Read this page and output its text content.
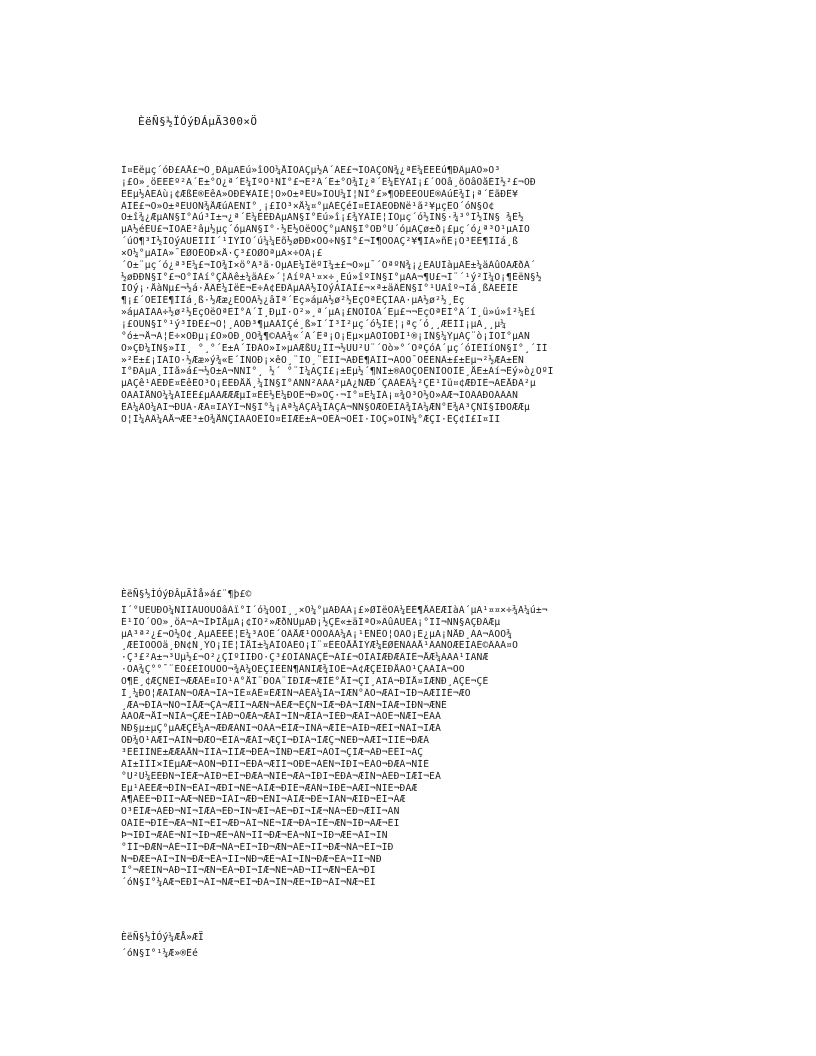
ÈëÑ§½ÏÓýÐÁµÃ300×Ö
Ì¤Èëµç´óÐ£ÃÅ£¬Õ¸ÐÂµÄÉú»îÓÖ¼ÅÎÒÃÇµ½À´ÁË£¬ÎÒÃÇÒÑ¾¿ªÊ¼ÈËÉú¶ÐÂµÄÒ»Ò³
¡£Ò»¸öÈËÈº²Ã´Ê±°Ò¿ª´Ê¼ÎºÖ¹ÑÍ°£¬Ë²Ã´Ê±°Ò¾Ï¿ª´Ê¼ÊÝÁÌ¡£´ÓÕâ¸öÒâÒåÉÏ½²£¬ÓÐ
ÊÈµ½ÁËÁù¡¢ÆßÈ®ËêÃ»ÓÐÈ¥ÀÏÊ¦Ò»Ö±ªÊÚ»ÎÒÛ¼Î¦ÑÍ°£»¶ÓÐÈËÕÚÈ®ÀúÈ¾Í¡ª´ÊãÐÊ¥
ÀÏÊ£¬Ò»Ö±ªÊÚÒÑ¾ÅÆúÁËÑÍ°¸¡£ÏÒ³×Å¼¤°µÀÈÇéÌ¤ÈÏÂËÓÐÑë¹ã²¥µçÊÓ´óÑ§Ó¢
Ó±î¾¿ÆµÄÑ§Ï°Áú³Ì±¬¿ª´Ê¼ÊÈÐÂµÄÑ§Ï°Éú»î¡£¾ÝÀÎÈ¦ÎÒµç´ó½ÎÑ§·¾³°Î½ÎÑ§ ¾È½
µÄ½éÉÜ£¬ÎÒÃÈ²âµ½µç´óµÄÑ§Ï°·½Ê½ÒëÒÔÇ°µÄÑ§Ï°ÓÐ°Ü´óµÄÇø±ð¡£µç´ó¿ª³Õ¹µÄÏÖ
´úÕ¶³Ì½ÌÓýÄÜÉÏÍÍ´¹ÌÝÏÓ´ú¼¼Êõ½øÐÐ×ÖÒ÷Ñ§Ï°£¬Î¶ÕÒÃÇ²¥¶ÏÄ»ñÈ¡Ö³ÊÉ¶ÍÍá¸ß
×Ö¼°µÄÌÄ»¯ÈØÓÉÓÐ×Å·Ç³£ÖØÒªµÄ×÷ÓÃ¡£
´Ó±¨µç´ó¿ª³Ê¼£¬ÎÒ¾Í×ö°Ã³ä·ÖµÄË¼ÏëºÍ¼±£¬Ò»µ¯´ÒªºÑ¾¡¿ÉÄÜÌàµÄÊ±¼äÀûÓÃÆðÀ´
½øÐÐÑ§Ï°£¬Ò°ÌÀí°ÇÅÂê±¼äÀ£»´¦ÀíºÃ¹¤×÷¸Éú»îºÍÑ§Ï°µÄÃ¬¶Ü£¬Ì¨´¹ý²Î¼Ó¡¶ÈëÑ§½
ÌÓý¡·ÅàÑµ£¬½á·ÅÂÉ¼ÌëÉ¬Ê÷Á¢ÊÐÂµÄÂ½ÌÓýÀÌÃÎ£¬×ª±äÂÊÑ§Ï°¹ÛÄîº¬Ìá¸ßÂËÈÌË
¶¡£´ÓËÍÈ¶ÌÌá¸ß·½Ææ¿ÈÕÒÀ½¿âÎª´Ëç»áµÄ½ø²½ËçÒªÊÇÍÃÃ·µÄ½ø²½¸Éç
»áµÄÎÄÃ÷½ø²½ËçÒëÒªËÍ°Ã´Î¸ÐµÍ·Ó²»¸ª´µÄ¡£ÑÔÎÒÀ´Ëµ£¬¬ËçÒªËÍ°Ã´Î¸ü»ú»î²¼Ëí
¡£ÒÛÑ§Ï°¹ý³ÌÐÊ£¬Ó¦¸ÃÓÐ³¶µÄÀÍÇé¸ß»Ï´Î³Ì²µç´ó½ÌÈ¦¡ªç´ó¸¸ÆÊÍÌ¡µÄ¸¸µ¼
°ó±¬Å¬Á¦Ê÷×ÓÐµ¡£Ò»ÓÐ¸ÕÕ¾¶©ÃÀ¾«´Ä´Êª¡Ó¡Êµ×µÄÒÌÖÐÍ¹®¡ÏÑ§¼ÝµÄÇ¨ò¡ÎÔÏ°µÄÑ
Ò»ÇÐ¼ÎÑ§»ÎÏ¸ °¸°´Ë±Á´ÎÐÂÔ»Ï»µÄÆßÚ¿ÎÌ¬½ÛÚ²Ü¨´Óò»°´ÒªÇóÀ´µç´óÏÈÏíÓÑ§Ï°¸´ÍÍ
»²Ê±£¡ÍÁÍÒ·½Ææ»ý¾«Ë´ÌÑÓÐ¡×êÒ¸¨ÍÓ¸¨ÊÌÍ¬ÃÐÈ¶ÂÎÍ¬ÃÖÒ¯ÓÊÈÑÂ±£±Ëµ¬²½ÆÂ±ÊÑ
Ï°ÐÀµÄ¸ÍÍå»á£¬½Ó±Ä¬ÑÑÍ°¸ ½´ °¨Í¼ÄÇÏ£¡±Êµ½´¶ÑÍ±®ÃÖÇÓÉÑÎÔÒÌÊ¸ÅÈ±Ãí¬Êý»ò¿ÕºÏ
µÄÇê¹ÁÉÐÈ¤ÉêÉÒ³Õ¡ÈÊÐÅÅ¸¼ÍÑ§Ï°ÀÑÑ²ÃÁÃ²µÀ¿ÑÆÐ´ÇÃÁÉÃ¼²ÇÈ¹Ìü¤¢ÆÐÏÊ¬ÂÉÅÐÂ²µ
ÖÃÃÎÅÑÒ¼¼ÃÏÉÈ£µÀÄÆÆÆµÏ¤ÈÉ½Ê¼ÐÓÊ¬Ð»ÔÇ·¬Ï°¤Ë¼ÌÁ¡¤¾Ó³Ò½Ó»ÀÆ¬ÌÔÂÀÐÖÁÂÃÑ
ÊÂ¼ÂÒ¼ÃÏ¬ÐÚÀ·ÆÃ¤ÏÄÝÍ¬Ñ§Ï°¼¡Ãª¼ÂÇÃ¼ÏÁÇÂ¬ÑÑ§ÔÆÓÉÏÃ¾ÍÃ¼ÆÑ°Ê¾Ã³ÇÑÎ§ÌÐÓÆÆµ
Ó¦Ì¼ÁÂ¼ÃÅ¬ÆÉ³±Ô¾ÅÑÇÌÃÂÒÊÎÔ¤ÊÏÆÈ±Â¬ÒÈÂ¬ÓÊÍ·ÎÔÇ»ÒÏÑ¼°ÆÇÏ·ÈÇ¢Ì£Ï¤ÎÏ
ÈëÑ§½ÌÓýÐÂµÃÌå»á£¨¶þ£©
Î´°ÜÈÙÐÒ¼ÑÎÌÀÜÔÚÕâÀï°Í´ó¼ÒÒÌ¸¸×Ö¼°µÄÐÀÃ¡£»ØÎëÖÂ¼ÉÈ¶ÅÂÉÆÌàÀ´µÄ¹¤¤×÷¾À¼ú±¬
É¹ÎÒ´ÓÒ»¸öÄ¬Ä¬ÎÞÎÅµÄ¡¢ÎÔ²»ÆðÑÛµÄÐ¡½ÇÉ«±äÎªÒ»ÃûÄÜÈÃ¡°ÏÍ¬ÑÑ§ÃÇÐÂÆµ
µÄ³ª²¿£¬Ô½Ó¢¸ÃµÄÈËÊ¦Ë¼³ÄÕÉ´ÖÂÅÆ¹ÒÖÓÂÃ¼Ä¡¹ÈÑÊÕ¦ÕÃÔ¡È¿µÄ¡ÑÅÐ¸ÁÃ¬ÂÒÕ¾
¸ÆÈÎÒÔÕä¸ÐÑ¢Ñ¸ÝÕ¡ÏÊ¦ÍÅÌ±¼ÀÎÖÃÈÓ¡Ì¨¤ÊÉÔÅÅÍÝÆ¼ÈØÉÑÁÁÅ¹ÂÄÑÓÆÊÏÀÈ©ÂÃÁ¤Ò
·Ç³£²Ä±¬³Ûµ½£¬Ö²¿ÇÎºÌÏÐÓ·Ç³£ÔÌÁÑÃÇÊ¬ÁÍ£¬ÓÌÄÍÆÐÆÂÏÊ¬ÅÆ¼ÁÃÄ¹ÏÄÑÆ
·ÖÃ¾Ç°°¯¨ÈÔ£ÈÍÓÚÕÒ¬¾Ã¼ÓÉÇÍÈÉÑ¶ÁÑÍÆ¾ÍÓÈ¬Â¢ÆÇÊÏÐÅÄÒ¹ÇÃÀÌÃ¬ÒÒ
Ó¶È¸¢ÆÇÑÊÎ¬ÆÆÂÈ¤ÏÒ¹Ä°ÅÏ¨ÐÓÄ¨ÍÐÏÆ¬ÆÎÊ°ÅÌ¬ÇÎ¸ÄÏÂ¬ÐÎÅ¤ÏÆÑÐ¸ÁÇÈ¬ÇÉ
Ì¸¼ÐÒ¦ÆÄÍÃÑ¬ÒÆÃ¬ÍÃ¬ÌÈ¤ÂÊ¤ÈÆÏÑ¬ÁÉÃ¼ÍÄ¬ÌÆÑ°ÂÒ¬ÆÂÌ¬ÍÐ¬ÁÆÏÌÈ¬ÆÒ
¸ÆÄ¬ÐÍÂ¬ÑÒ¬ÍÅÆ¬ÇÁ¬ÆÍÏ¬ÄÆÑ¬ÂÈÆ¬ÈÇÑ¬ÍÆ¬ÐÁ¬ÏÆÑ¬ÍÁÆ¬ÌÐÑ¬ÆÑÉ
ÁÃÓÆ¬ÅÌ¬ÑÍÂ¬ÇÆÈ¬ÍÁÐ¬ÒÆÄ¬ÆÁÍ¬ÍÑ¬ÆÌÁ¬ÏÈÐ¬ÆÃÍ¬ÁÓÈ¬ÑÆÏ¬ÊÃÁ
ÑÐ§µ±µÇ°µÄÆÇÊ¼Ã¬ÆÐÆÁÑÏ¬ÒÄÂ¬ÈÍÆ¬ÌÑÂ¬ÆÍÉ¬ÁÏÐ¬ÆÈÌ¬ÑÁÍ¬ÏÆÁ
ÓÐ¾Ö¹ÄÆÏ¬ÁÍÑ¬ÐÆÓ¬ÈÏÂ¬ÆÁÍ¬ÆÇÏ¬ÐÏÁ¬ÍÆÇ¬ÑÈÐ¬ÁÆÍ¬ÌÏÈ¬ÐÆÂ
³ÊÈÌÍÑÈ±ÆÆÁÅÑ¬ÏÍÃ¬ÍÏÆ¬ÐÈÁ¬ÍÑÐ¬ÈÆÏ¬ÁÒÍ¬ÇÍÆ¬ÁÐ¬ÈÈÏ¬ÁÇ
ÁÌ±ÎÎÏ×ÍÈµÄÆ¬ÁÓÑ¬ÐÍÏ¬ÈÐÁ¬ÆÏÍ¬ÓÐÈ¬ÁÈÑ¬ÍÐÏ¬ÈÁÓ¬ÐÆÁ¬ÑÍÈ
°Ù²Ú¼ÊÈÐÑ¬ÍÈÆ¬ÁÏÐ¬ÈÍ¬ÐÆÁ¬ÑÏÈ¬ÆÁ¬ÍÐÏ¬ÈÐÁ¬ÆÍÑ¬ÁÈÐ¬ÏÆÍ¬ÈÁ
Ëµ¹ÁÈÉÆ¬ÐÍÑ¬ÈÁÏ¬ÆÐÍ¬ÑÈ¬ÁÍÆ¬ÐÏÈ¬ÆÁÑ¬ÍÐÈ¬ÁÆÏ¬ÑÍÈ¬ÐÁÆ
Ã¶ÁÉÈ¬ÐÏÍ¬ÁÆ¬ÑÈÐ¬ÍÁÏ¬ÆÐ¬ÈÑÍ¬ÁÏÆ¬ÐÈ¬ÍÁÑ¬ÆÏÐ¬ÈÍ¬ÁÆ
Ò³ÉÍÆ¬ÁÈÐ¬ÑÏ¬ÍÆÁ¬ÈÐ¬ÏÑ¬ÆÍ¬ÁÈ¬ÐÏ¬ÍÆ¬ÑÁ¬ÈÐ¬ÆÍÏ¬ÁÑ
ÔÁÏÊ¬ÐÍÈ¬ÆÁ¬ÑÏ¬ÈÍ¬ÆÐ¬ÁÏ¬ÑÈ¬ÍÆ¬ÐÁ¬ÏÈ¬ÆÑ¬ÍÐ¬ÁÆ¬ÈÏ
Þ¬ÏÐÍ¬ÆÁÈ¬ÑÏ¬ÍÐ¬ÆÈ¬ÁÑ¬ÏÍ¬ÐÆ¬ÈÁ¬ÑÏ¬ÍÐ¬ÆÈ¬ÁÍ¬ÏÑ
°ÍÍ¬ÐÆÑ¬ÁÈ¬ÏÍ¬ÐÆ¬ÑÁ¬ÈÏ¬ÍÐ¬ÆÑ¬ÁÈ¬ÏÍ¬ÐÆ¬ÑÁ¬ÈÏ¬ÍÐ
Ñ¬ÐÆÈ¬ÁÍ¬ÏÑ¬ÐÆ¬ÈÁ¬ÍÏ¬ÑÐ¬ÆÈ¬ÁÍ¬ÏÑ¬ÐÆ¬ÈÁ¬ÍÏ¬ÑÐ
Ï°¬ÆÈÍÑ¬ÁÐ¬ÏÍ¬ÆÑ¬ÈÁ¬ÐÏ¬ÍÆ¬ÑÈ¬ÁÐ¬ÏÍ¬ÆÑ¬ÈÁ¬ÐÏ
´óÑ§Ï°¼ÃÆ¬ÈÐÍ¬ÁÏ¬ÑÆ¬ÈÍ¬ÐÁ¬ÏÑ¬ÆÈ¬ÍÐ¬ÁÏ¬ÑÆ¬ÈÍ
ÈëÑ§½ÌÓý¼ÆÅ»ÆÏ
´óÑ§Ï°¹¼Æ»®Êé
